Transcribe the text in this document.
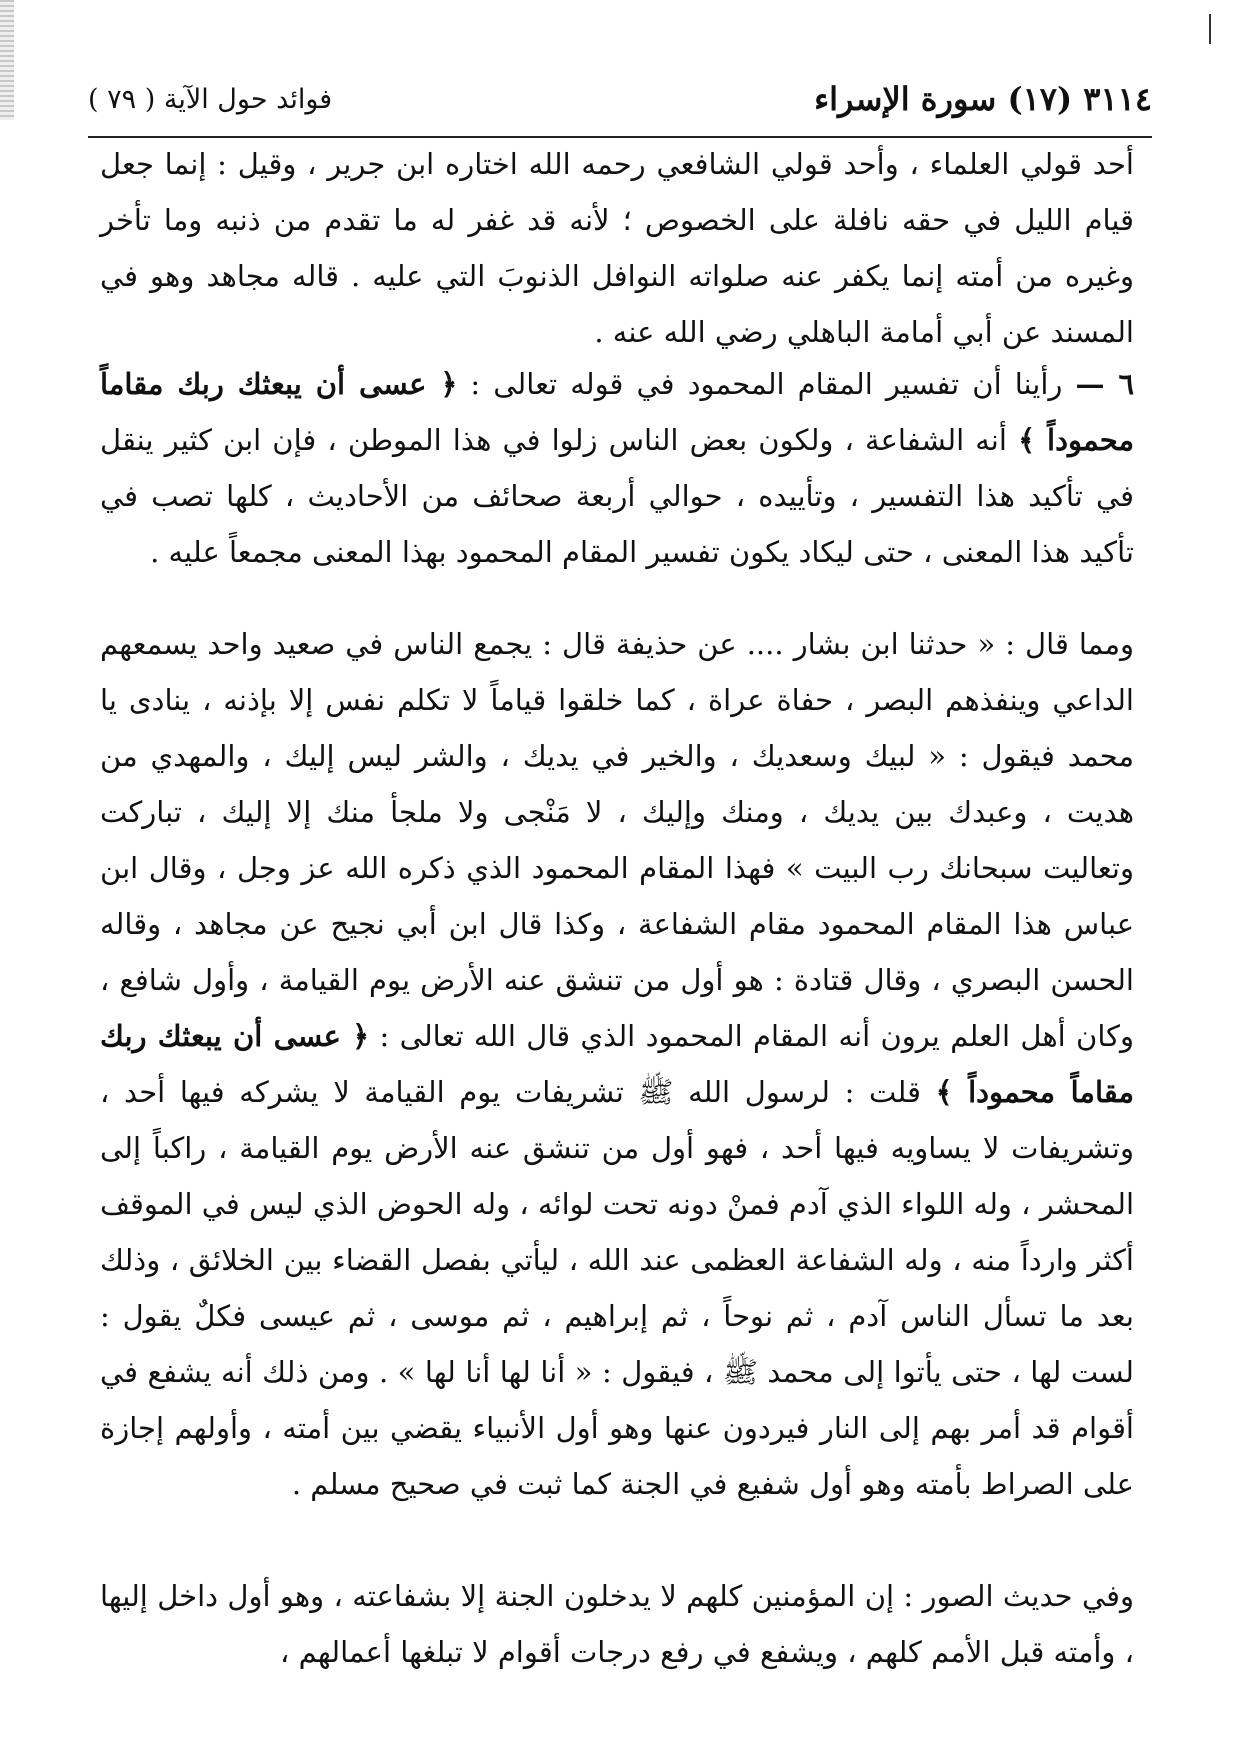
٣١١٤ (١٧) سورة الإسراء
فوائد حول الآية ( ٧٩ )

أحد قولي العلماء ، وأحد قولي الشافعي رحمه الله اختاره ابن جرير ، وقيل : إنما جعل قيام الليل في حقه نافلة على الخصوص ؛ لأنه قد غفر له ما تقدم من ذنبه وما تأخر وغيره من أمته إنما يكفر عنه صلواته النوافل الذنوبَ التي عليه . قاله مجاهد وهو في المسند عن أبي أمامة الباهلي رضي الله عنه .

٦ — رأينا أن تفسير المقام المحمود في قوله تعالى : ﴿ عسى أن يبعثك ربك مقاماً محموداً ﴾ أنه الشفاعة ، ولكون بعض الناس زلوا في هذا الموطن ، فإن ابن كثير ينقل في تأكيد هذا التفسير ، وتأييده ، حوالي أربعة صحائف من الأحاديث ، كلها تصب في تأكيد هذا المعنى ، حتى ليكاد يكون تفسير المقام المحمود بهذا المعنى مجمعاً عليه .

ومما قال : « حدثنا ابن بشار .... عن حذيفة قال : يجمع الناس في صعيد واحد يسمعهم الداعي وينفذهم البصر ، حفاة عراة ، كما خلقوا قياماً لا تكلم نفس إلا بإذنه ، ينادى يا محمد فيقول : « لبيك وسعديك ، والخير في يديك ، والشر ليس إليك ، والمهدي من هديت ، وعبدك بين يديك ، ومنك وإليك ، لا مَنْجى ولا ملجأ منك إلا إليك ، تباركت وتعاليت سبحانك رب البيت » فهذا المقام المحمود الذي ذكره الله عز وجل ، وقال ابن عباس هذا المقام المحمود مقام الشفاعة ، وكذا قال ابن أبي نجيح عن مجاهد ، وقاله الحسن البصري ، وقال قتادة : هو أول من تنشق عنه الأرض يوم القيامة ، وأول شافع ، وكان أهل العلم يرون أنه المقام المحمود الذي قال الله تعالى : ﴿ عسى أن يبعثك ربك مقاماً محموداً ﴾ قلت : لرسول الله ﷺ تشريفات يوم القيامة لا يشركه فيها أحد ، وتشريفات لا يساويه فيها أحد ، فهو أول من تنشق عنه الأرض يوم القيامة ، راكباً إلى المحشر ، وله اللواء الذي آدم فمنْ دونه تحت لوائه ، وله الحوض الذي ليس في الموقف أكثر وارداً منه ، وله الشفاعة العظمى عند الله ، ليأتي بفصل القضاء بين الخلائق ، وذلك بعد ما تسأل الناس آدم ، ثم نوحاً ، ثم إبراهيم ، ثم موسى ، ثم عيسى فكلٌ يقول : لست لها ، حتى يأتوا إلى محمد ﷺ ، فيقول : « أنا لها أنا لها » . ومن ذلك أنه يشفع في أقوام قد أمر بهم إلى النار فيردون عنها وهو أول الأنبياء يقضي بين أمته ، وأولهم إجازة على الصراط بأمته وهو أول شفيع في الجنة كما ثبت في صحيح مسلم .

وفي حديث الصور : إن المؤمنين كلهم لا يدخلون الجنة إلا بشفاعته ، وهو أول داخل إليها ، وأمته قبل الأمم كلهم ، ويشفع في رفع درجات أقوام لا تبلغها أعمالهم ،
